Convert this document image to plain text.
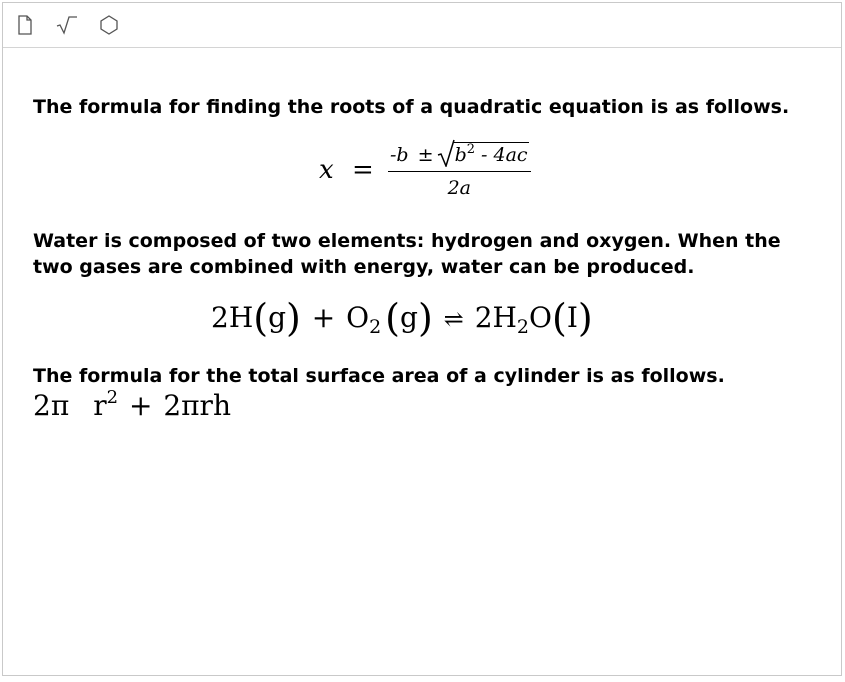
The formula for finding the roots of a quadratic equation is as follows.

$x = -b \pm b^2 - 4ac$
2a

Water is composed of two elements: hydrogen and oxygen. When the two gases are combined with energy, water can be produced.

$2H(g) + O_2$ (g) ⇌ $2H_2O(I)$

The formula for the total surface area of a cylinder is as follows.

2π $r^2 + 2\pi rh$
